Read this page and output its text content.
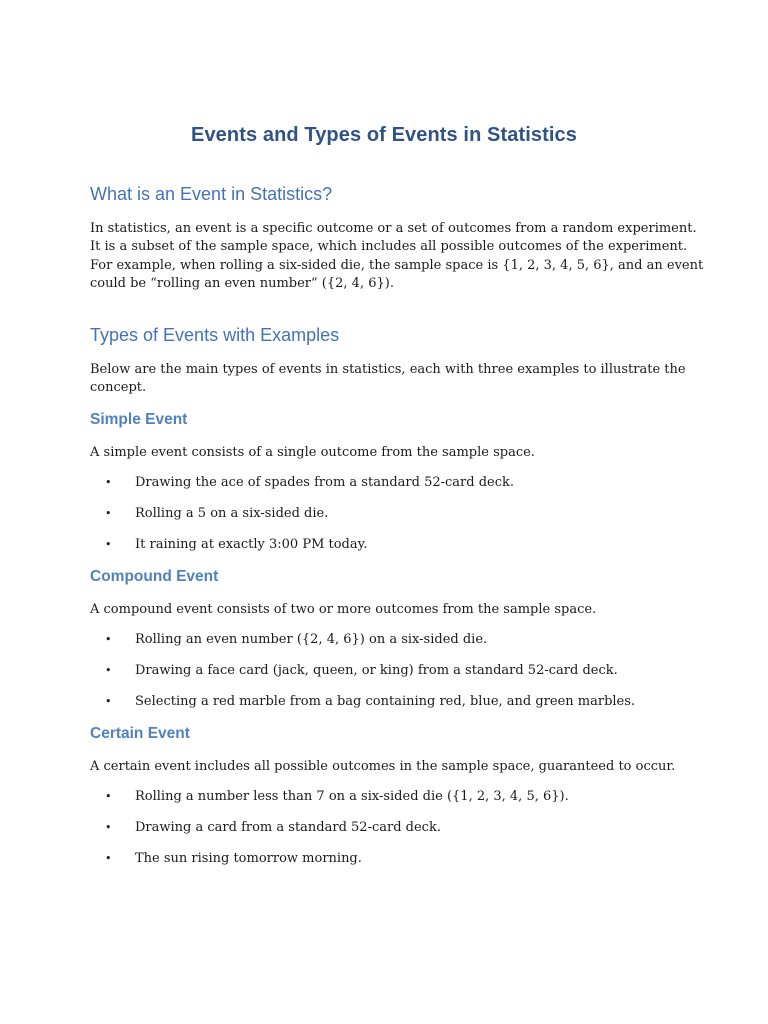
Events and Types of Events in Statistics
What is an Event in Statistics?
In statistics, an event is a specific outcome or a set of outcomes from a random experiment.
It is a subset of the sample space, which includes all possible outcomes of the experiment.
For example, when rolling a six-sided die, the sample space is {1, 2, 3, 4, 5, 6}, and an event
could be “rolling an even number” ({2, 4, 6}).
Types of Events with Examples
Below are the main types of events in statistics, each with three examples to illustrate the
concept.
Simple Event
A simple event consists of a single outcome from the sample space.
• Drawing the ace of spades from a standard 52-card deck.
• Rolling a 5 on a six-sided die.
• It raining at exactly 3:00 PM today.
Compound Event
A compound event consists of two or more outcomes from the sample space.
• Rolling an even number ({2, 4, 6}) on a six-sided die.
• Drawing a face card (jack, queen, or king) from a standard 52-card deck.
• Selecting a red marble from a bag containing red, blue, and green marbles.
Certain Event
A certain event includes all possible outcomes in the sample space, guaranteed to occur.
• Rolling a number less than 7 on a six-sided die ({1, 2, 3, 4, 5, 6}).
• Drawing a card from a standard 52-card deck.
• The sun rising tomorrow morning.
